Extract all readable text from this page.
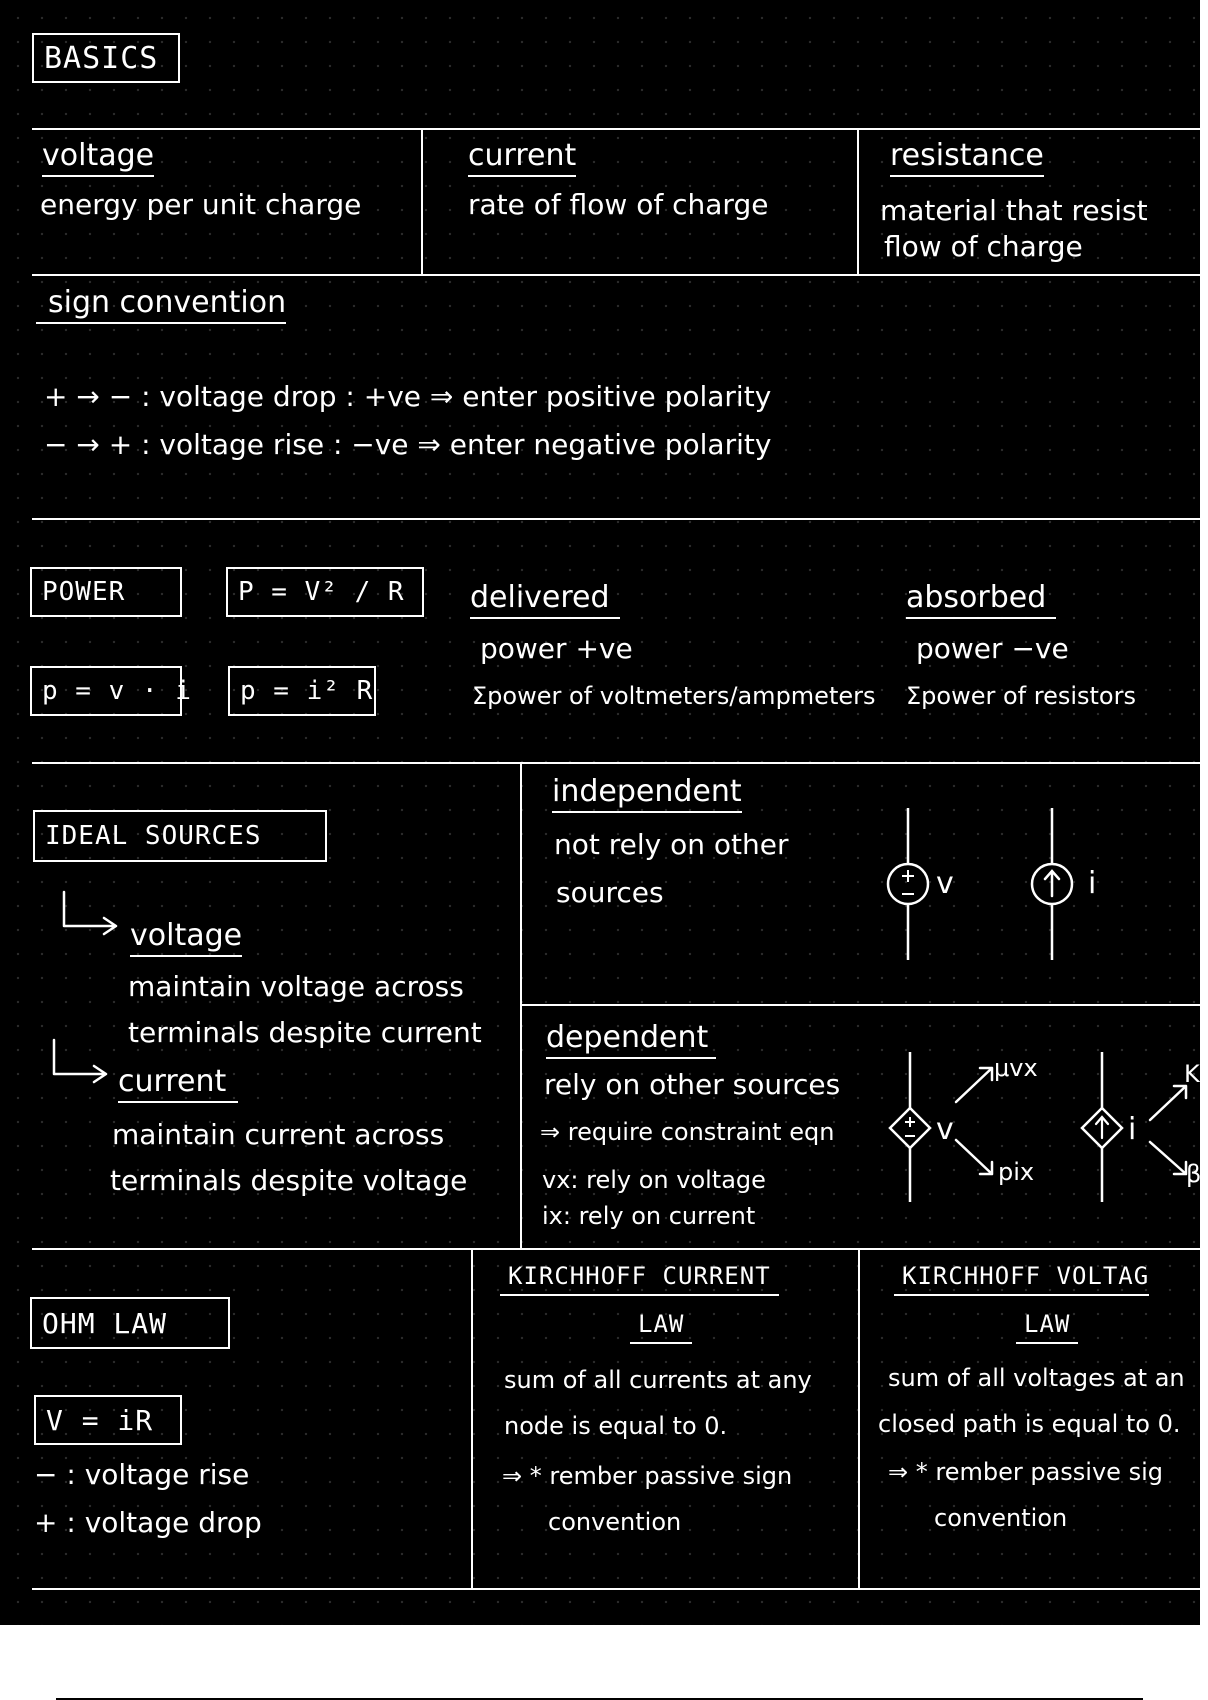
BASICS
voltage
energy per unit charge
current
rate of flow of charge
resistance
material that resist
flow of charge
sign convention
+ → − : voltage drop : +ve ⇒ enter positive polarity
− → + : voltage rise : −ve ⇒ enter negative polarity
POWER	P = V² / R
p = v · i p = i² R
delivered
power +ve
Σpower of voltmeters/ampmeters
absorbed
power −ve
Σpower of resistors
IDEAL SOURCES
voltage
maintain voltage across
terminals despite current
current
maintain current across
terminals despite voltage
independent
not rely on other
sources	v	i
dependent
rely on other sources
⇒ require constraint eqn
vx: rely on voltage
ix: rely on current
v
μvx
pix
i
K
βi
OHM LAW
V = iR
− : voltage rise
+ : voltage drop
KIRCHHOFF CURRENT
LAW
sum of all currents at any
node is equal to 0.
⇒ * rember passive sign
convention
KIRCHHOFF VOLTAG
LAW
sum of all voltages at an
closed path is equal to 0.
⇒ * rember passive sig
convention
